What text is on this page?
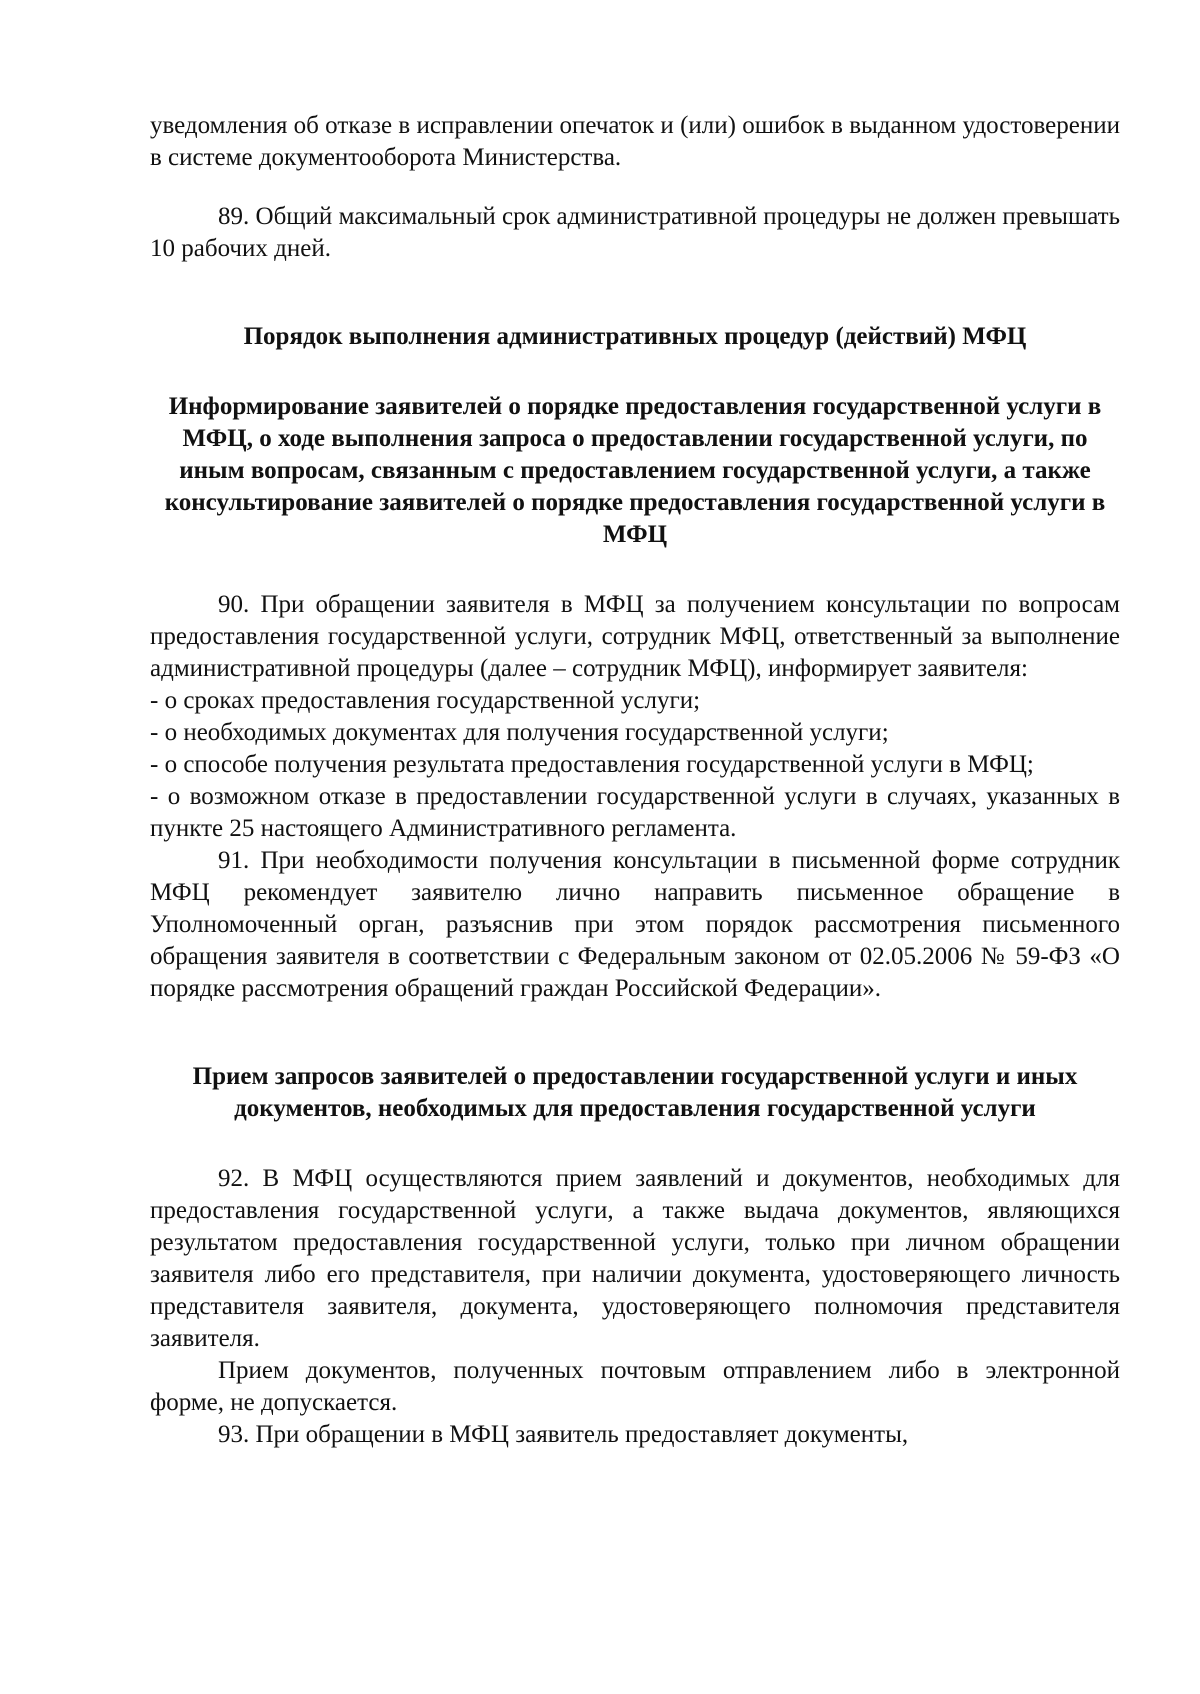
уведомления об отказе в исправлении опечаток и (или) ошибок в выданном удостоверении в системе документооборота Министерства.

89. Общий максимальный срок административной процедуры не должен превышать 10 рабочих дней.

Порядок выполнения административных процедур (действий) МФЦ
Информирование заявителей о порядке предоставления государственной услуги в МФЦ, о ходе выполнения запроса о предоставлении государственной услуги, по иным вопросам, связанным с предоставлением государственной услуги, а также консультирование заявителей о порядке предоставления государственной услуги в МФЦ

90. При обращении заявителя в МФЦ за получением консультации по вопросам предоставления государственной услуги, сотрудник МФЦ, ответственный за выполнение административной процедуры (далее – сотрудник МФЦ), информирует заявителя:

- о сроках предоставления государственной услуги;

- о необходимых документах для получения государственной услуги;

- о способе получения результата предоставления государственной услуги в МФЦ;

- о возможном отказе в предоставлении государственной услуги в случаях, указанных в пункте 25 настоящего Административного регламента.

91. При необходимости получения консультации в письменной форме сотрудник МФЦ рекомендует заявителю лично направить письменное обращение в Уполномоченный орган, разъяснив при этом порядок рассмотрения письменного обращения заявителя в соответствии с Федеральным законом от 02.05.2006 № 59-ФЗ «О порядке рассмотрения обращений граждан Российской Федерации».

Прием запросов заявителей о предоставлении государственной услуги и иных документов, необходимых для предоставления государственной услуги

92. В МФЦ осуществляются прием заявлений и документов, необходимых для предоставления государственной услуги, а также выдача документов, являющихся результатом предоставления государственной услуги, только при личном обращении заявителя либо его представителя, при наличии документа, удостоверяющего личность представителя заявителя, документа, удостоверяющего полномочия представителя заявителя.

Прием документов, полученных почтовым отправлением либо в электронной форме, не допускается.

93. При обращении в МФЦ заявитель предоставляет документы,
